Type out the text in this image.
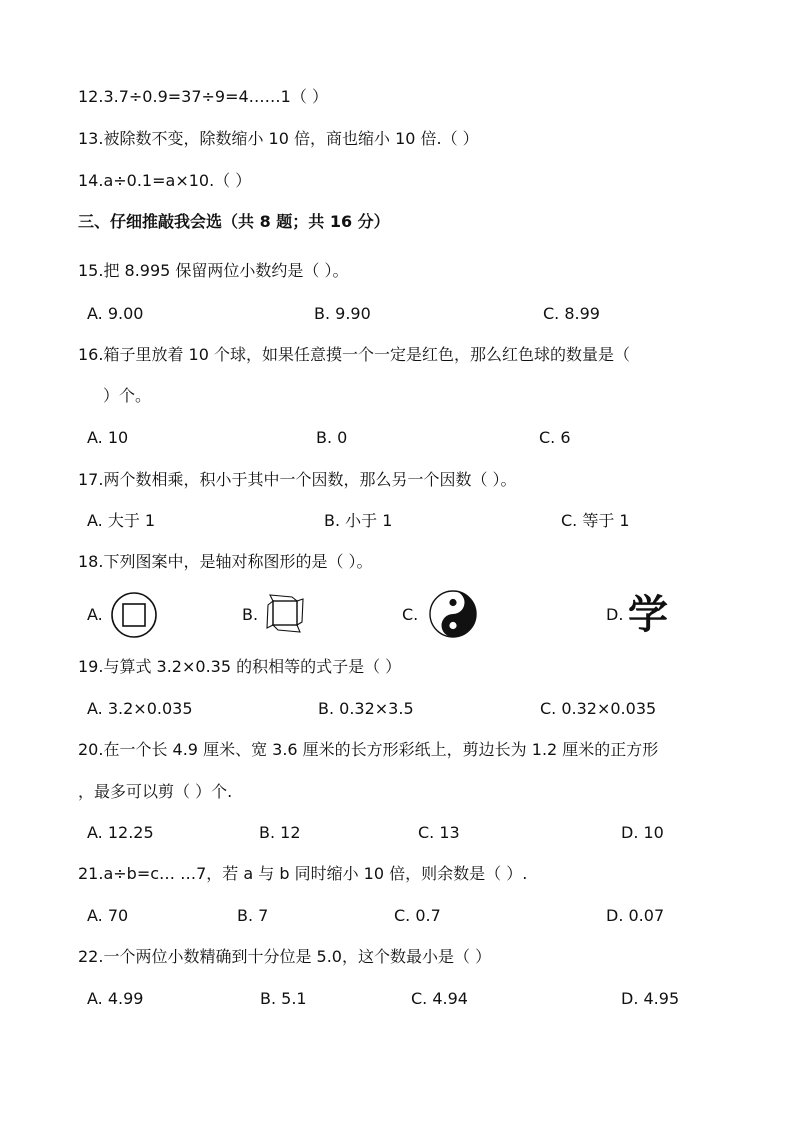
12.3.7÷0.9=37÷9=4……1（ ）
13.被除数不变，除数缩小 10 倍，商也缩小 10 倍.（ ）
14.a÷0.1=a×10.（ ）
三、仔细推敲我会选（共 8 题；共 16 分）
15.把 8.995 保留两位小数约是（ ）。
A. 9.00	B. 9.90	C. 8.99
16.箱子里放着 10 个球，如果任意摸一个一定是红色，那么红色球的数量是（
）个。
A. 10	B. 0	C. 6
17.两个数相乘，积小于其中一个因数，那么另一个因数（ ）。
A. 大于 1	B. 小于 1	C. 等于 1
18.下列图案中，是轴对称图形的是（ ）。
A.	B.	C.	D. 学
19.与算式 3.2×0.35 的积相等的式子是（ ）
A. 3.2×0.035	B. 0.32×3.5	C. 0.32×0.035
20.在一个长 4.9 厘米、宽 3.6 厘米的长方形彩纸上，剪边长为 1.2 厘米的正方形
，最多可以剪（ ）个.
A. 12.25	B. 12	C. 13	D. 10
21.a÷b=c… …7，若 a 与 b 同时缩小 10 倍，则余数是（ ）.
A. 70	B. 7	C. 0.7	D. 0.07
22.一个两位小数精确到十分位是 5.0，这个数最小是（ ）
A. 4.99	B. 5.1	C. 4.94	D. 4.95
